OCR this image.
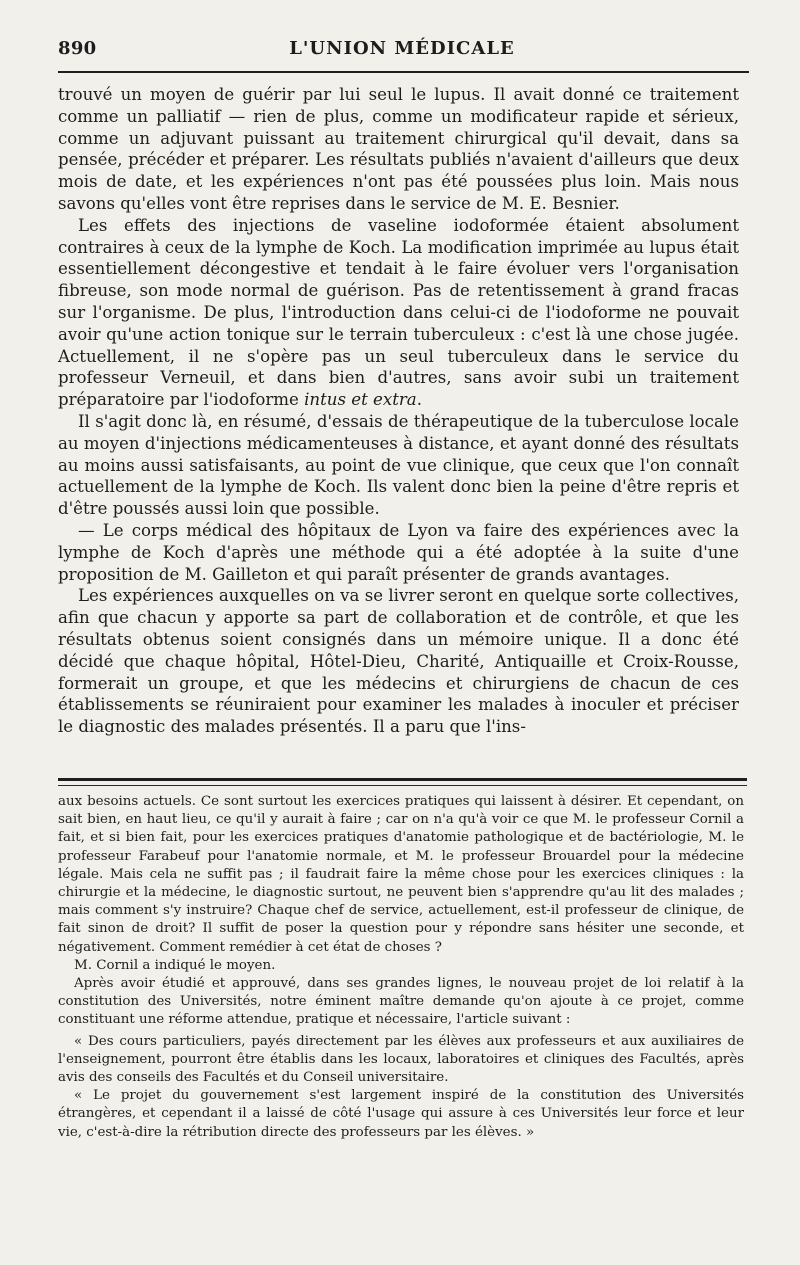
890	L'UNION MÉDICALE

trouvé un moyen de guérir par lui seul le lupus. Il avait donné ce traitement comme un palliatif — rien de plus, comme un modificateur rapide et sérieux, comme un adjuvant puissant au traitement chirurgical qu'il devait, dans sa pensée, précéder et préparer. Les résultats publiés n'avaient d'ailleurs que deux mois de date, et les expériences n'ont pas été poussées plus loin. Mais nous savons qu'elles vont être reprises dans le service de M. E. Besnier.

Les effets des injections de vaseline iodoformée étaient absolument contraires à ceux de la lymphe de Koch. La modification imprimée au lupus était essentiellement décongestive et tendait à le faire évoluer vers l'organisation fibreuse, son mode normal de guérison. Pas de retentissement à grand fracas sur l'organisme. De plus, l'introduction dans celui-ci de l'iodoforme ne pouvait avoir qu'une action tonique sur le terrain tuberculeux : c'est là une chose jugée. Actuellement, il ne s'opère pas un seul tuberculeux dans le service du professeur Verneuil, et dans bien d'autres, sans avoir subi un traitement préparatoire par l'iodoforme intus et extra.

Il s'agit donc là, en résumé, d'essais de thérapeutique de la tuberculose locale au moyen d'injections médicamenteuses à distance, et ayant donné des résultats au moins aussi satisfaisants, au point de vue clinique, que ceux que l'on connaît actuellement de la lymphe de Koch. Ils valent donc bien la peine d'être repris et d'être poussés aussi loin que possible.

— Le corps médical des hôpitaux de Lyon va faire des expériences avec la lymphe de Koch d'après une méthode qui a été adoptée à la suite d'une proposition de M. Gailleton et qui paraît présenter de grands avantages.

Les expériences auxquelles on va se livrer seront en quelque sorte collectives, afin que chacun y apporte sa part de collaboration et de contrôle, et que les résultats obtenus soient consignés dans un mémoire unique. Il a donc été décidé que chaque hôpital, Hôtel-Dieu, Charité, Antiquaille et Croix-Rousse, formerait un groupe, et que les médecins et chirurgiens de chacun de ces établissements se réuniraient pour examiner les malades à inoculer et préciser le diagnostic des malades présentés. Il a paru que l'ins-

aux besoins actuels. Ce sont surtout les exercices pratiques qui laissent à désirer. Et cependant, on sait bien, en haut lieu, ce qu'il y aurait à faire ; car on n'a qu'à voir ce que M. le professeur Cornil a fait, et si bien fait, pour les exercices pratiques d'anatomie pathologique et de bactériologie, M. le professeur Farabeuf pour l'anatomie normale, et M. le professeur Brouardel pour la médecine légale. Mais cela ne suffit pas ; il faudrait faire la même chose pour les exercices cliniques : la chirurgie et la médecine, le diagnostic surtout, ne peuvent bien s'apprendre qu'au lit des malades ; mais comment s'y instruire? Chaque chef de service, actuellement, est-il professeur de clinique, de fait sinon de droit? Il suffit de poser la question pour y répondre sans hésiter une seconde, et négativement. Comment remédier à cet état de choses ?

M. Cornil a indiqué le moyen.

Après avoir étudié et approuvé, dans ses grandes lignes, le nouveau projet de loi relatif à la constitution des Universités, notre éminent maître demande qu'on ajoute à ce projet, comme constituant une réforme attendue, pratique et nécessaire, l'article suivant :

« Des cours particuliers, payés directement par les élèves aux professeurs et aux auxiliaires de l'enseignement, pourront être établis dans les locaux, laboratoires et cliniques des Facultés, après avis des conseils des Facultés et du Conseil universitaire.

« Le projet du gouvernement s'est largement inspiré de la constitution des Universités étrangères, et cependant il a laissé de côté l'usage qui assure à ces Universités leur force et leur vie, c'est-à-dire la rétribution directe des professeurs par les élèves. »
